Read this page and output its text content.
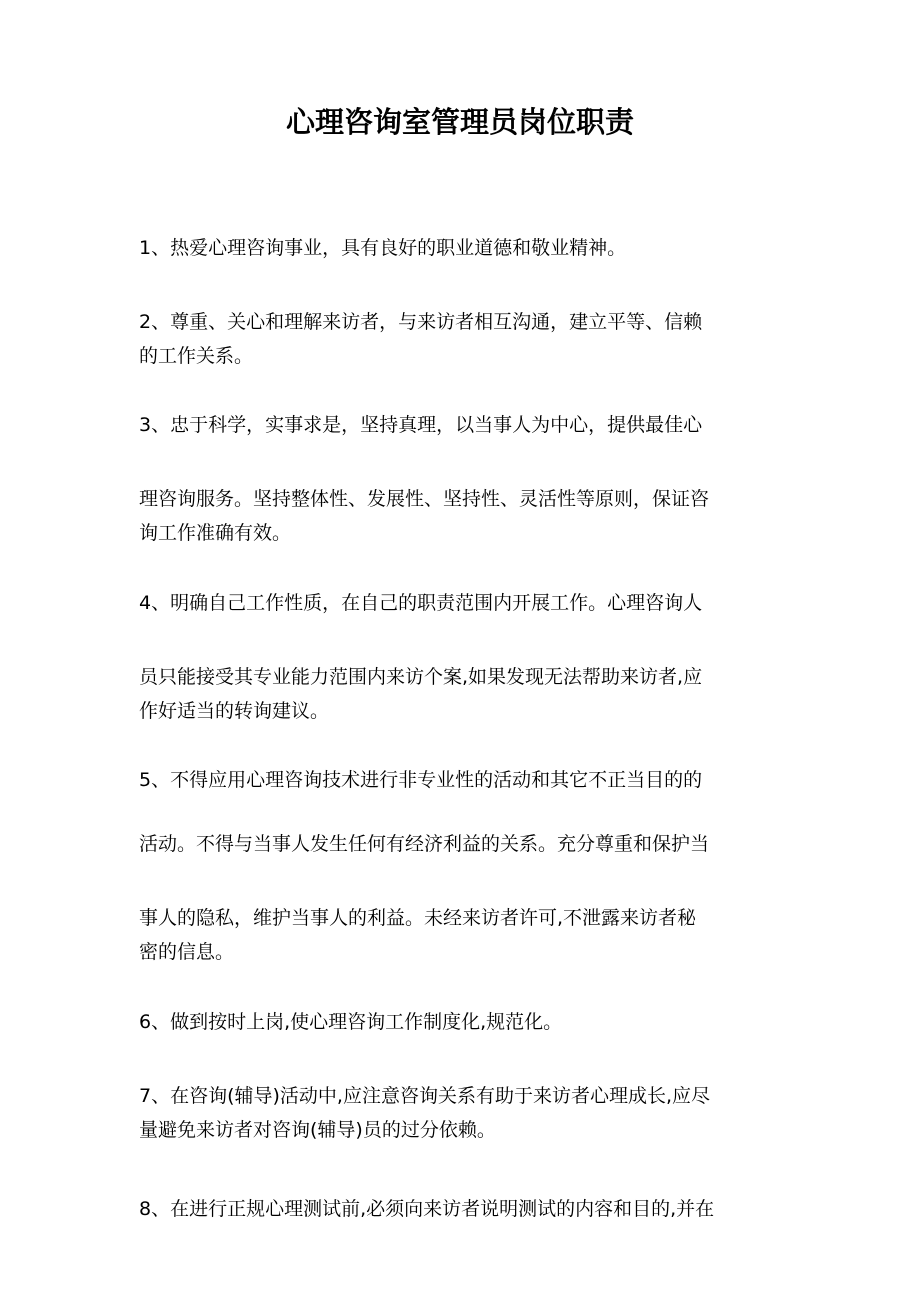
心理咨询室管理员岗位职责
1、热爱心理咨询事业，具有良好的职业道德和敬业精神。
2、尊重、关心和理解来访者，与来访者相互沟通，建立平等、信赖
的工作关系。
3、忠于科学，实事求是，坚持真理，以当事人为中心，提供最佳心
理咨询服务。坚持整体性、发展性、坚持性、灵活性等原则，保证咨
询工作准确有效。
4、明确自己工作性质，在自己的职责范围内开展工作。心理咨询人
员只能接受其专业能力范围内来访个案,如果发现无法帮助来访者,应
作好适当的转询建议。
5、不得应用心理咨询技术进行非专业性的活动和其它不正当目的的
活动。不得与当事人发生任何有经济利益的关系。充分尊重和保护当
事人的隐私，维护当事人的利益。未经来访者许可,不泄露来访者秘
密的信息。
6、做到按时上岗,使心理咨询工作制度化,规范化。
7、在咨询(辅导)活动中,应注意咨询关系有助于来访者心理成长,应尽
量避免来访者对咨询(辅导)员的过分依赖。
8、在进行正规心理测试前,必须向来访者说明测试的内容和目的,并在
